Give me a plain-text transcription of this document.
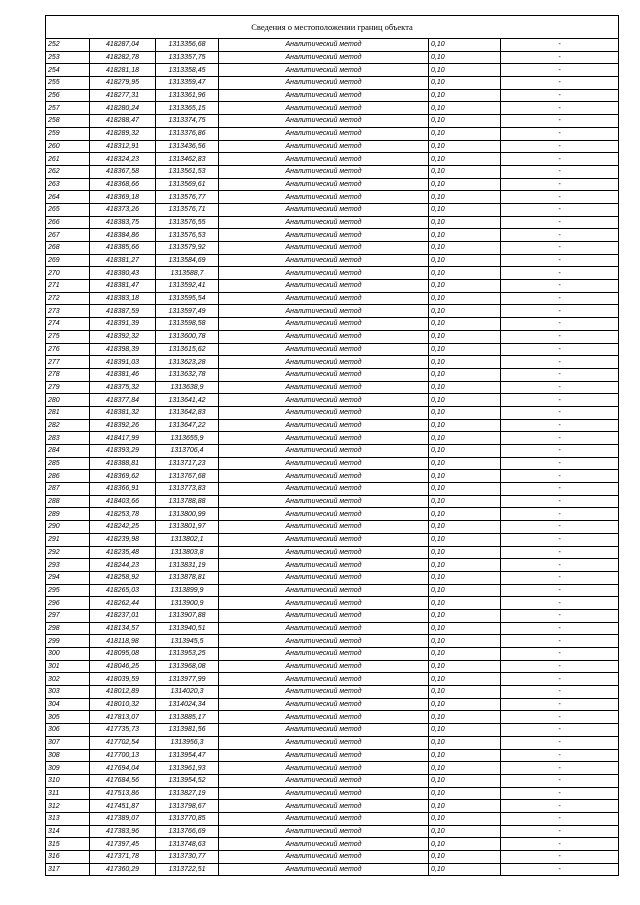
Сведения о местоположении границ объекта					
252	418287,04	1313356,68	Аналитический метод	0,10	-
253	418282,78	1313357,75	Аналитический метод	0,10	-
254	418281,18	1313358,45	Аналитический метод	0,10	-
255	418279,95	1313359,47	Аналитический метод	0,10	-
256	418277,31	1313361,96	Аналитический метод	0,10	-
257	418280,24	1313365,15	Аналитический метод	0,10	-
258	418288,47	1313374,75	Аналитический метод	0,10	-
259	418289,32	1313376,86	Аналитический метод	0,10	-
260	418312,91	1313436,56	Аналитический метод	0,10	-
261	418324,23	1313462,83	Аналитический метод	0,10	-
262	418367,58	1313561,53	Аналитический метод	0,10	-
263	418368,66	1313569,61	Аналитический метод	0,10	-
264	418369,18	1313576,77	Аналитический метод	0,10	-
265	418373,26	1313576,71	Аналитический метод	0,10	-
266	418383,75	1313576,55	Аналитический метод	0,10	-
267	418384,86	1313576,53	Аналитический метод	0,10	-
268	418385,66	1313579,92	Аналитический метод	0,10	-
269	418381,27	1313584,69	Аналитический метод	0,10	-
270	418380,43	1313588,7	Аналитический метод	0,10	-
271	418381,47	1313592,41	Аналитический метод	0,10	-
272	418383,18	1313595,54	Аналитический метод	0,10	-
273	418387,59	1313597,49	Аналитический метод	0,10	-
274	418391,39	1313598,58	Аналитический метод	0,10	-
275	418392,32	1313600,78	Аналитический метод	0,10	-
276	418398,39	1313615,62	Аналитический метод	0,10	-
277	418391,03	1313623,28	Аналитический метод	0,10	-
278	418381,46	1313632,78	Аналитический метод	0,10	-
279	418375,32	1313638,9	Аналитический метод	0,10	-
280	418377,84	1313641,42	Аналитический метод	0,10	-
281	418381,32	1313642,83	Аналитический метод	0,10	-
282	418392,26	1313647,22	Аналитический метод	0,10	-
283	418417,99	1313655,9	Аналитический метод	0,10	-
284	418393,29	1313706,4	Аналитический метод	0,10	-
285	418388,81	1313717,23	Аналитический метод	0,10	-
286	418369,62	1313767,68	Аналитический метод	0,10	-
287	418366,91	1313773,83	Аналитический метод	0,10	-
288	418403,66	1313788,88	Аналитический метод	0,10	-
289	418253,78	1313800,99	Аналитический метод	0,10	-
290	418242,25	1313801,97	Аналитический метод	0,10	-
291	418239,98	1313802,1	Аналитический метод	0,10	-
292	418235,48	1313803,8	Аналитический метод	0,10	-
293	418244,23	1313831,19	Аналитический метод	0,10	-
294	418258,92	1313878,81	Аналитический метод	0,10	-
295	418265,03	1313899,9	Аналитический метод	0,10	-
296	418262,44	1313900,9	Аналитический метод	0,10	-
297	418237,01	1313907,88	Аналитический метод	0,10	-
298	418134,57	1313940,51	Аналитический метод	0,10	-
299	418118,98	1313945,5	Аналитический метод	0,10	-
300	418095,08	1313953,25	Аналитический метод	0,10	-
301	418046,25	1313968,08	Аналитический метод	0,10	-
302	418039,59	1313977,99	Аналитический метод	0,10	-
303	418012,89	1314020,3	Аналитический метод	0,10	-
304	418010,32	1314024,34	Аналитический метод	0,10	-
305	417813,07	1313885,17	Аналитический метод	0,10	-
306	417735,73	1313981,56	Аналитический метод	0,10	-
307	417702,54	1313956,3	Аналитический метод	0,10	-
308	417700,13	1313954,47	Аналитический метод	0,10	-
309	417694,04	1313961,93	Аналитический метод	0,10	-
310	417684,56	1313954,52	Аналитический метод	0,10	-
311	417513,86	1313827,19	Аналитический метод	0,10	-
312	417451,87	1313798,67	Аналитический метод	0,10	-
313	417389,07	1313770,85	Аналитический метод	0,10	-
314	417383,96	1313766,69	Аналитический метод	0,10	-
315	417397,45	1313748,63	Аналитический метод	0,10	-
316	417371,78	1313730,77	Аналитический метод	0,10	-
317	417360,29	1313722,51	Аналитический метод	0,10	-
